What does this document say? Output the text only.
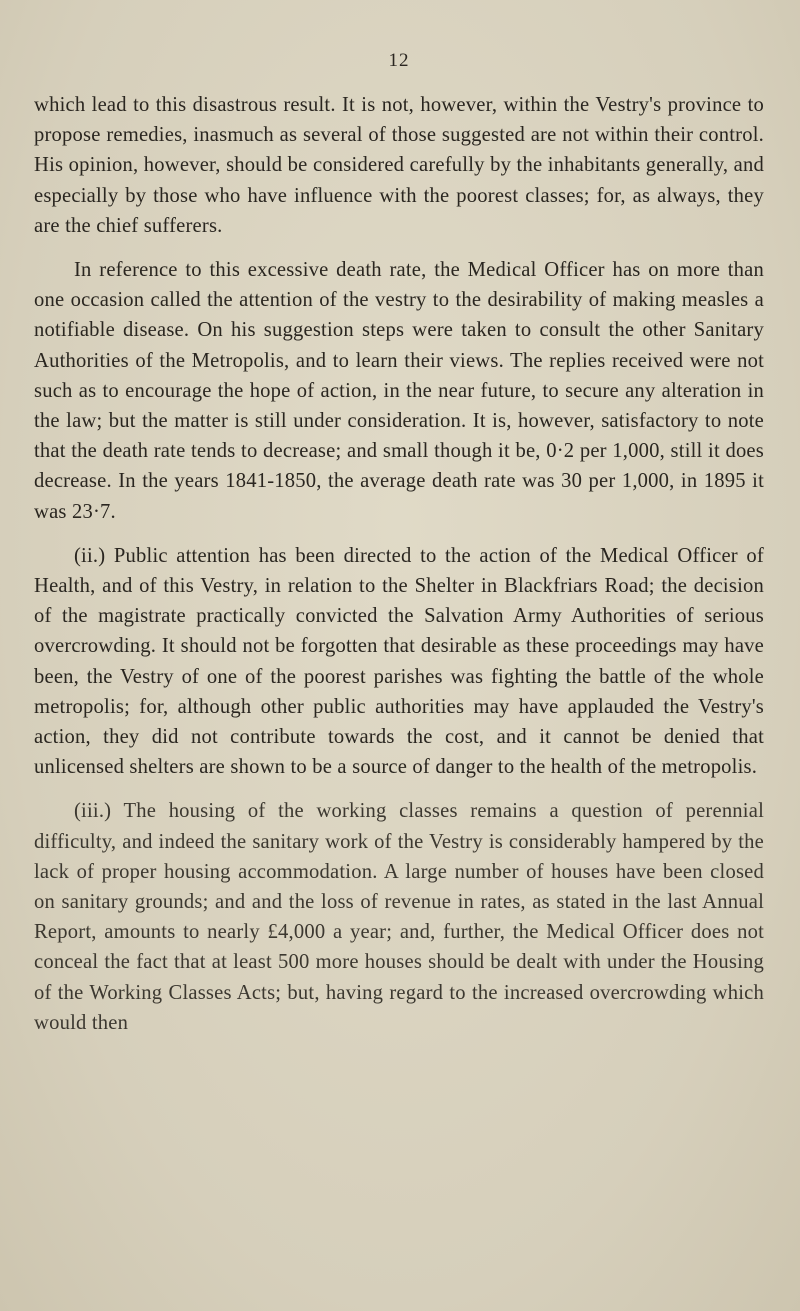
12

which lead to this disastrous result. It is not, however, within the Vestry's province to propose remedies, inasmuch as several of those suggested are not within their control. His opinion, however, should be considered carefully by the inhabitants generally, and especially by those who have influence with the poorest classes; for, as always, they are the chief sufferers.

In reference to this excessive death rate, the Medical Officer has on more than one occasion called the attention of the vestry to the desirability of making measles a notifiable disease. On his suggestion steps were taken to consult the other Sanitary Authorities of the Metropolis, and to learn their views. The replies received were not such as to encourage the hope of action, in the near future, to secure any alteration in the law; but the matter is still under consideration. It is, however, satisfactory to note that the death rate tends to decrease; and small though it be, 0·2 per 1,000, still it does decrease. In the years 1841-1850, the average death rate was 30 per 1,000, in 1895 it was 23·7.

(ii.) Public attention has been directed to the action of the Medical Officer of Health, and of this Vestry, in relation to the Shelter in Blackfriars Road; the decision of the magistrate practically convicted the Salvation Army Authorities of serious overcrowding. It should not be forgotten that desirable as these proceedings may have been, the Vestry of one of the poorest parishes was fighting the battle of the whole metropolis; for, although other public authorities may have applauded the Vestry's action, they did not contribute towards the cost, and it cannot be denied that unlicensed shelters are shown to be a source of danger to the health of the metropolis.

(iii.) The housing of the working classes remains a question of perennial difficulty, and indeed the sanitary work of the Vestry is considerably hampered by the lack of proper housing accommodation. A large number of houses have been closed on sanitary grounds; and and the loss of revenue in rates, as stated in the last Annual Report, amounts to nearly £4,000 a year; and, further, the Medical Officer does not conceal the fact that at least 500 more houses should be dealt with under the Housing of the Working Classes Acts; but, having regard to the increased overcrowding which would then
